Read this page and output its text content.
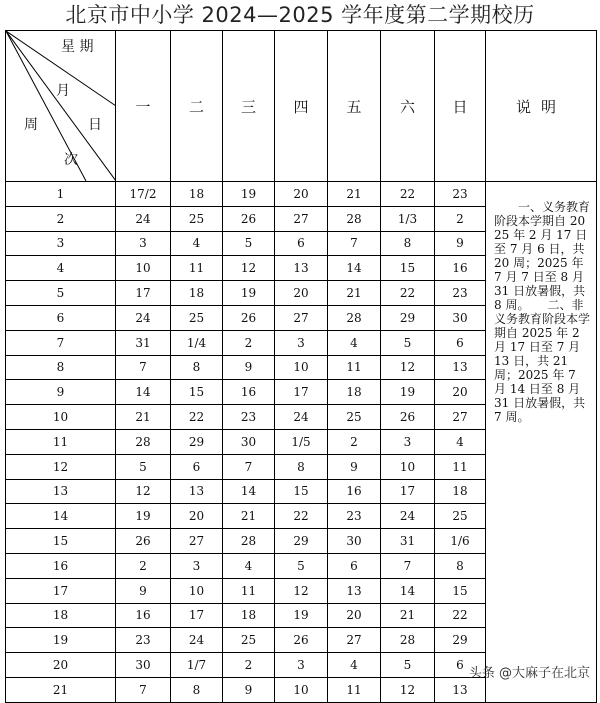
北京市中小学 2024—2025 学年度第二学期校历
星 期
月
日
周
次	一	二	三	四	五	六	日	说明
1	17/2	18	19	20	21	22	23	　　一、义务教育阶段本学期自 2025 年 2 月 17 日至 7 月 6 日，共 20 周；2025 年 7 月 7 日至 8 月 31 日放暑假，共 8 周。　　二、非义务教育阶段本学期自 2025 年 2 月 17 日至 7 月 13 日，共 21 周；2025 年 7 月 14 日至 8 月 31 日放暑假，共 7 周。
2	24	25	26	27	28	1/3	2	
3	3	4	5	6	7	8	9	
4	10	11	12	13	14	15	16	
5	17	18	19	20	21	22	23	
6	24	25	26	27	28	29	30	
7	31	1/4	2	3	4	5	6	
8	7	8	9	10	11	12	13	
9	14	15	16	17	18	19	20	
10	21	22	23	24	25	26	27	
11	28	29	30	1/5	2	3	4	
12	5	6	7	8	9	10	11	
13	12	13	14	15	16	17	18	
14	19	20	21	22	23	24	25	
15	26	27	28	29	30	31	1/6	
16	2	3	4	5	6	7	8	
17	9	10	11	12	13	14	15	
18	16	17	18	19	20	21	22	
19	23	24	25	26	27	28	29	
20	30	1/7	2	3	4	5	6	
21	7	8	9	10	11	12	13	
头条 @大麻子在北京
